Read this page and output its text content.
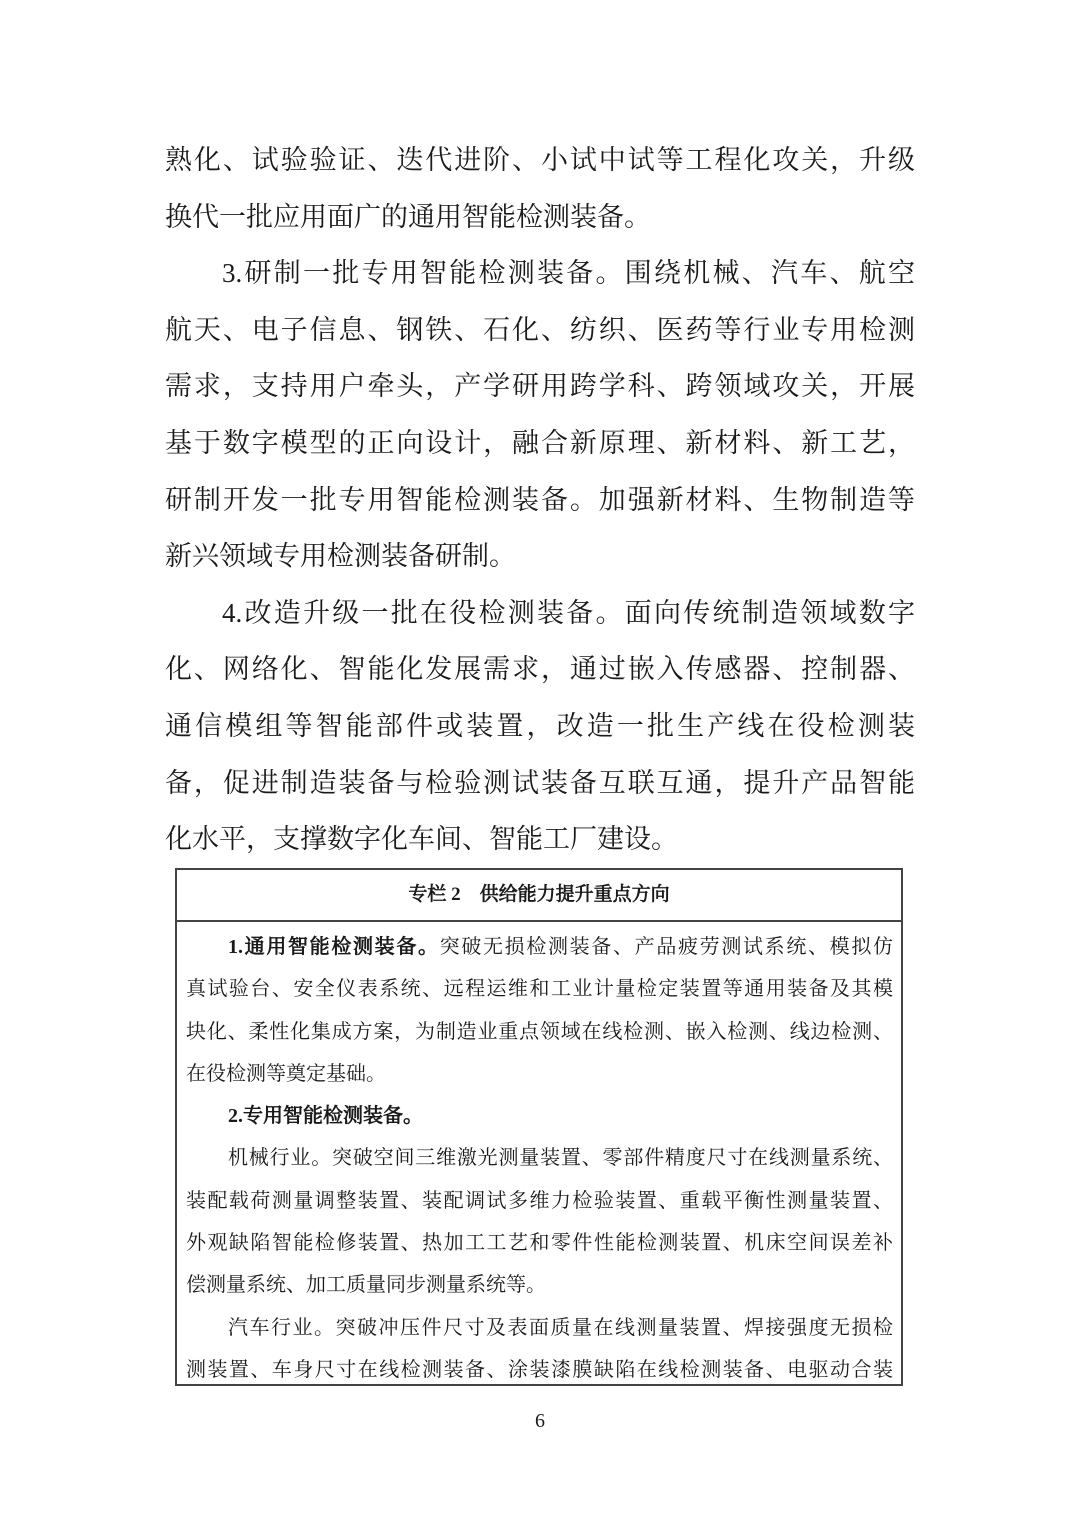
熟化、试验验证、迭代进阶、小试中试等工程化攻关，升级
换代一批应用面广的通用智能检测装备。
3.研制一批专用智能检测装备。围绕机械、汽车、航空
航天、电子信息、钢铁、石化、纺织、医药等行业专用检测
需求，支持用户牵头，产学研用跨学科、跨领域攻关，开展
基于数字模型的正向设计，融合新原理、新材料、新工艺，
研制开发一批专用智能检测装备。加强新材料、生物制造等
新兴领域专用检测装备研制。
4.改造升级一批在役检测装备。面向传统制造领域数字
化、网络化、智能化发展需求，通过嵌入传感器、控制器、
通信模组等智能部件或装置，改造一批生产线在役检测装
备，促进制造装备与检验测试装备互联互通，提升产品智能
化水平，支撑数字化车间、智能工厂建设。
专栏 2　供给能力提升重点方向
1.通用智能检测装备。突破无损检测装备、产品疲劳测试系统、模拟仿
真试验台、安全仪表系统、远程运维和工业计量检定装置等通用装备及其模
块化、柔性化集成方案，为制造业重点领域在线检测、嵌入检测、线边检测、
在役检测等奠定基础。
2.专用智能检测装备。
机械行业。突破空间三维激光测量装置、零部件精度尺寸在线测量系统、
装配载荷测量调整装置、装配调试多维力检验装置、重载平衡性测量装置、
外观缺陷智能检修装置、热加工工艺和零件性能检测装置、机床空间误差补
偿测量系统、加工质量同步测量系统等。
汽车行业。突破冲压件尺寸及表面质量在线测量装置、焊接强度无损检
测装置、车身尺寸在线检测装备、涂装漆膜缺陷在线检测装备、电驱动合装
6
